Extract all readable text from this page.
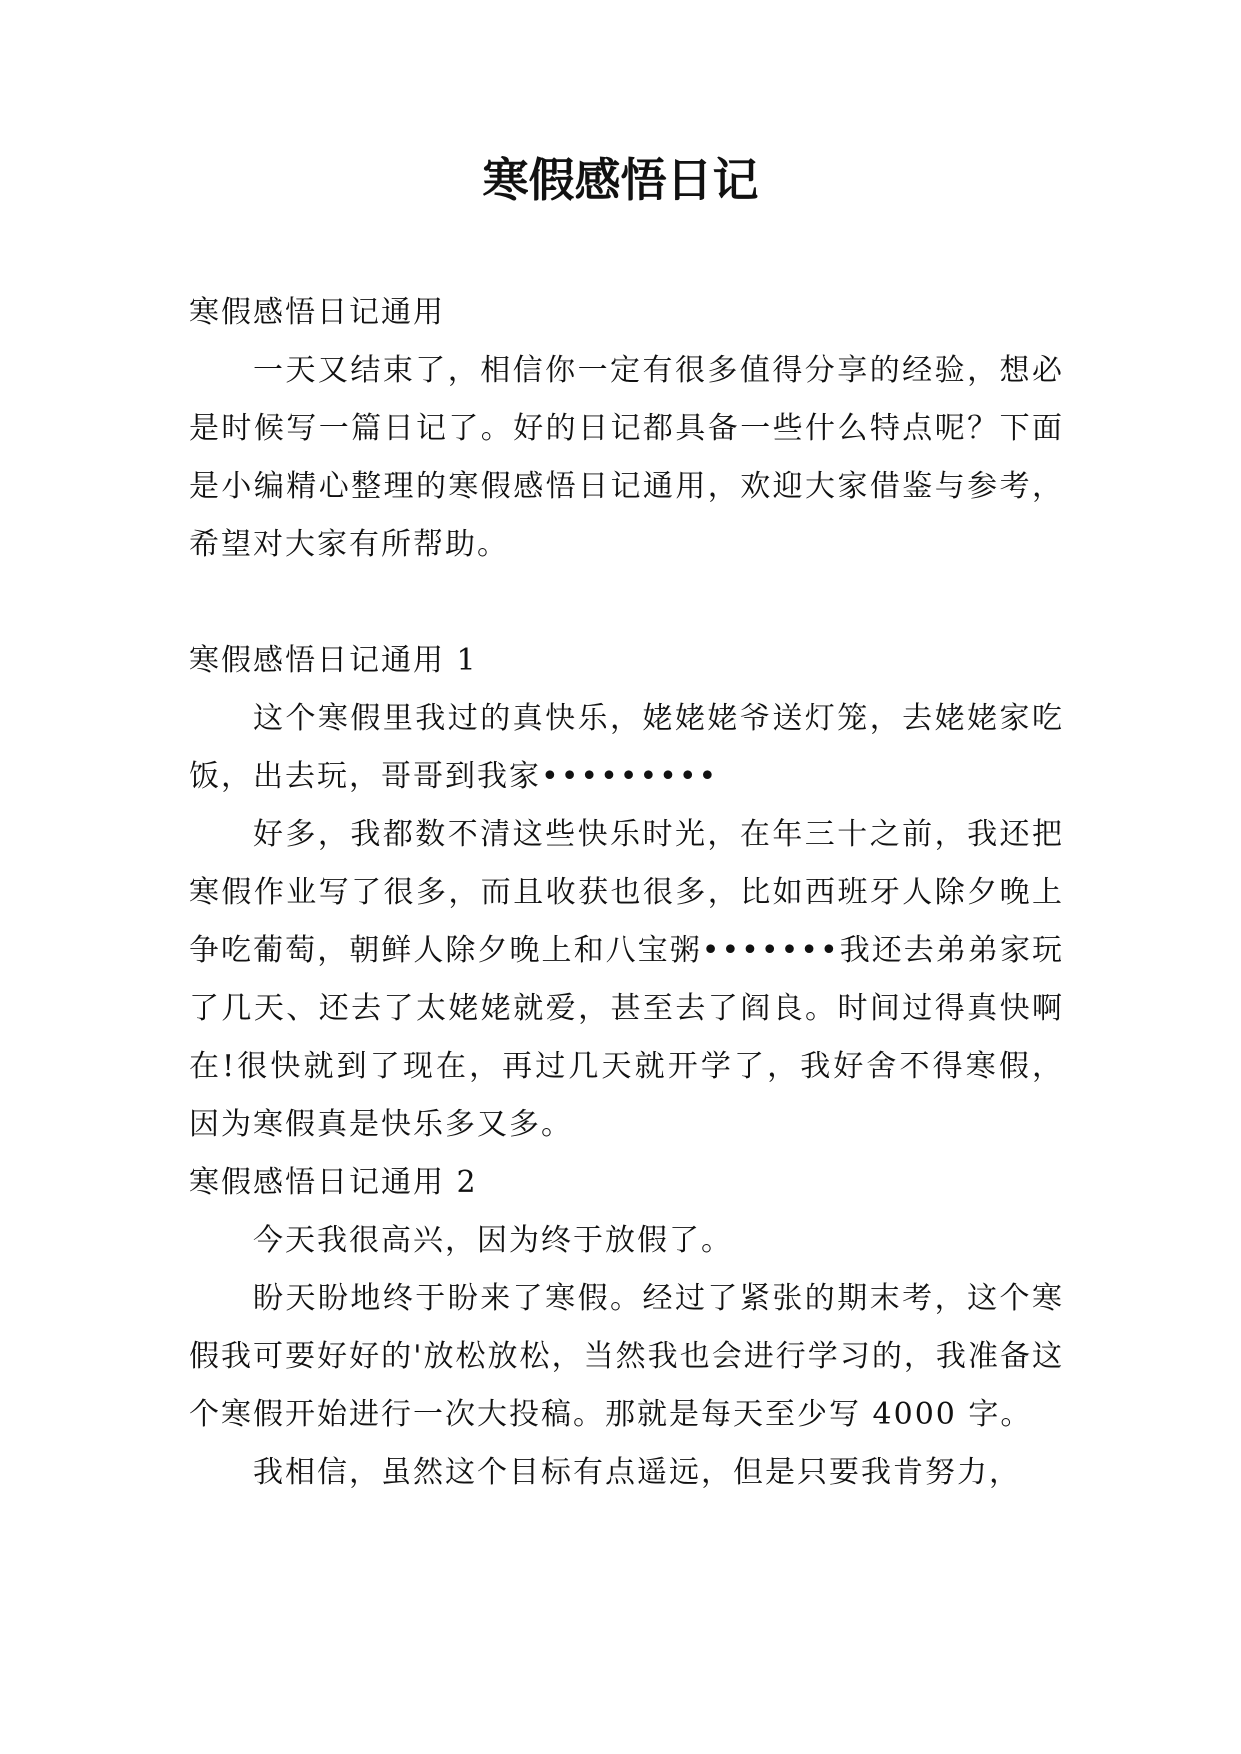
寒假感悟日记

寒假感悟日记通用

一天又结束了，相信你一定有很多值得分享的经验，想必是时候写一篇日记了。好的日记都具备一些什么特点呢？下面是小编精心整理的寒假感悟日记通用，欢迎大家借鉴与参考，希望对大家有所帮助。

寒假感悟日记通用 1

这个寒假里我过的真快乐，姥姥姥爷送灯笼，去姥姥家吃饭，出去玩，哥哥到我家•••••••••

好多，我都数不清这些快乐时光，在年三十之前，我还把寒假作业写了很多，而且收获也很多，比如西班牙人除夕晚上争吃葡萄，朝鲜人除夕晚上和八宝粥•••••••我还去弟弟家玩了几天、还去了太姥姥就爱，甚至去了阎良。时间过得真快啊在!很快就到了现在，再过几天就开学了，我好舍不得寒假，因为寒假真是快乐多又多。

寒假感悟日记通用 2

今天我很高兴，因为终于放假了。

盼天盼地终于盼来了寒假。经过了紧张的期末考，这个寒假我可要好好的'放松放松，当然我也会进行学习的，我准备这个寒假开始进行一次大投稿。那就是每天至少写 4000 字。

我相信，虽然这个目标有点遥远，但是只要我肯努力，
